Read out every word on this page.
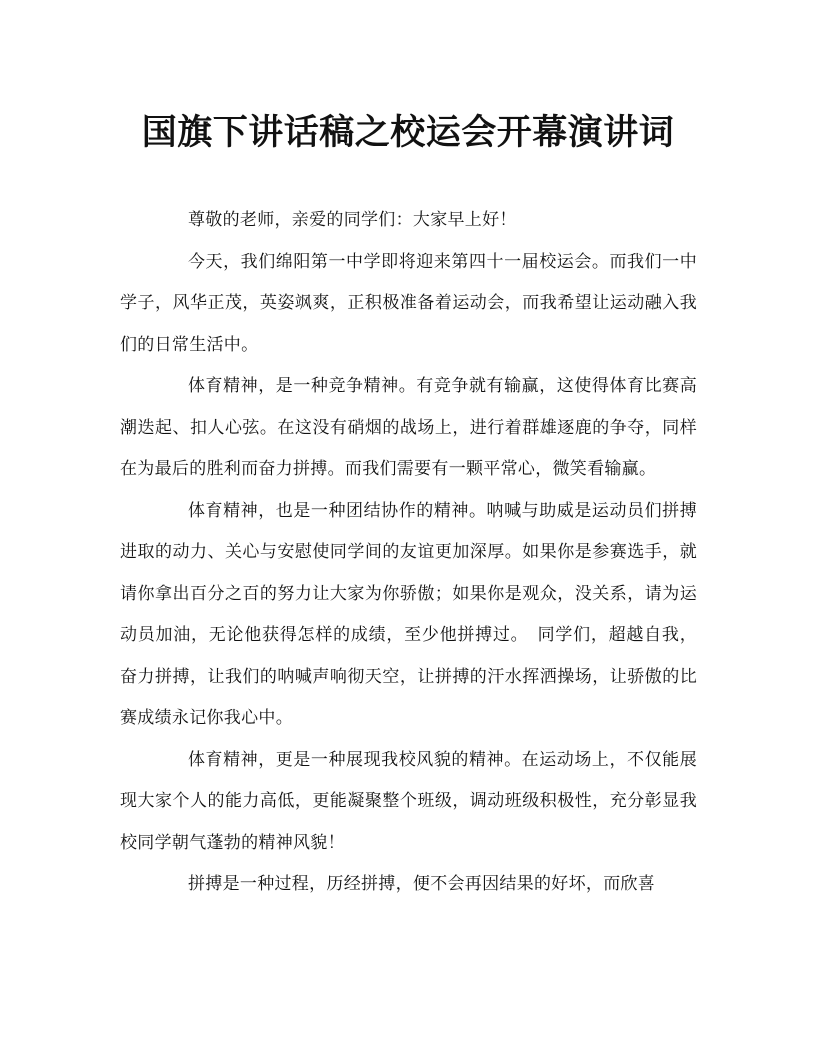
国旗下讲话稿之校运会开幕演讲词

尊敬的老师，亲爱的同学们：大家早上好！

今天，我们绵阳第一中学即将迎来第四十一届校运会。而我们一中学子，风华正茂，英姿飒爽，正积极准备着运动会，而我希望让运动融入我们的日常生活中。

体育精神，是一种竞争精神。有竞争就有输赢，这使得体育比赛高潮迭起、扣人心弦。在这没有硝烟的战场上，进行着群雄逐鹿的争夺，同样在为最后的胜利而奋力拼搏。而我们需要有一颗平常心，微笑看输赢。

体育精神，也是一种团结协作的精神。呐喊与助威是运动员们拼搏进取的动力、关心与安慰使同学间的友谊更加深厚。如果你是参赛选手，就请你拿出百分之百的努力让大家为你骄傲；如果你是观众，没关系，请为运动员加油，无论他获得怎样的成绩，至少他拼搏过。　同学们，超越自我，奋力拼搏，让我们的呐喊声响彻天空，让拼搏的汗水挥洒操场，让骄傲的比赛成绩永记你我心中。

体育精神，更是一种展现我校风貌的精神。在运动场上，不仅能展现大家个人的能力高低，更能凝聚整个班级，调动班级积极性，充分彰显我校同学朝气蓬勃的精神风貌！

拼搏是一种过程，历经拼搏，便不会再因结果的好坏，而欣喜
